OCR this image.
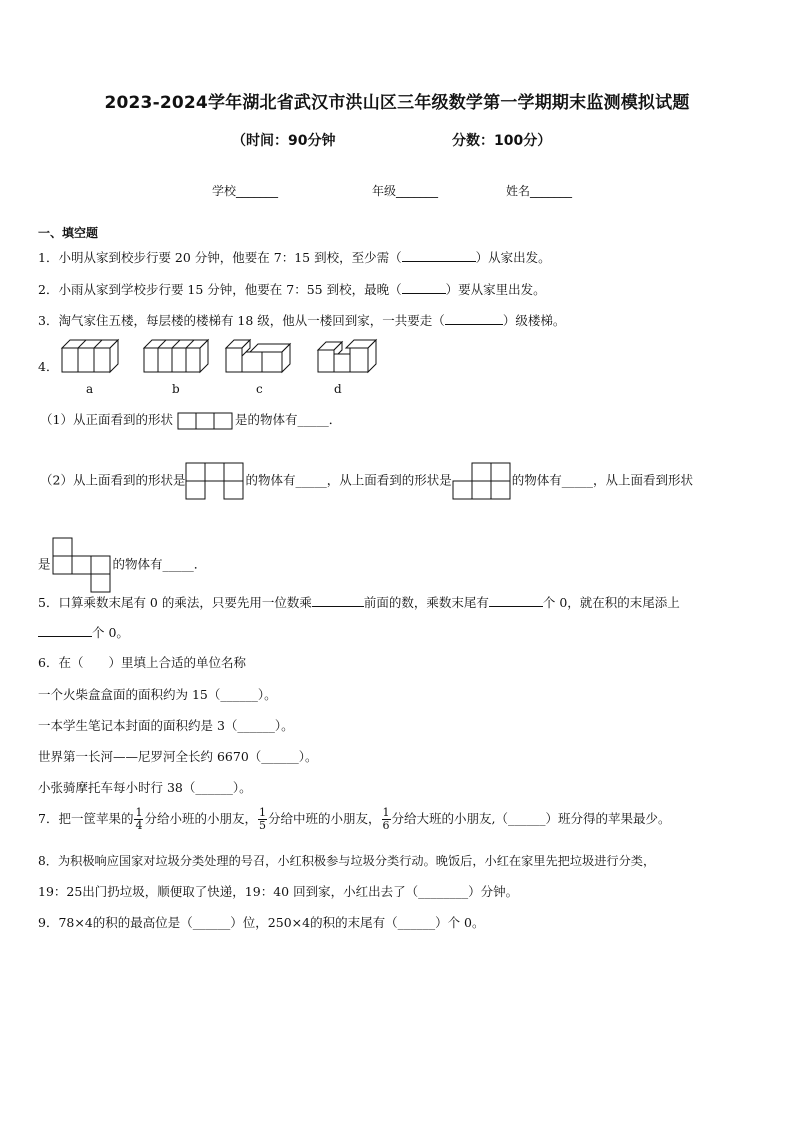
2023-2024学年湖北省武汉市洪山区三年级数学第一学期期末监测模拟试题
（时间：90分钟	分数：100分）
学校_______	年级_______	姓名_______
一、填空题
1．小明从家到校步行要 20 分钟，他要在 7：15 到校，至少需（	）从家出发。
2．小雨从家到学校步行要 15 分钟，他要在 7：55 到校，最晚（	）要从家里出发。
3．淘气家住五楼，每层楼的楼梯有 18 级，他从一楼回到家，一共要走（	）级楼梯。
4．
a	b	c	d
（1）从正面看到的形状	是的物体有_____．
（2）从上面看到的形状是	的物体有_____，从上面看到的形状是	的物体有_____，从上面看到形状
是	的物体有_____．
5．口算乘数末尾有 0 的乘法，只要先用一位数乘	前面的数，乘数末尾有	个 0，就在积的末尾添上
个 0。
6．在（　　）里填上合适的单位名称
一个火柴盒盒面的面积约为 15（______）。
一本学生笔记本封面的面积约是 3（______）。
世界第一长河——尼罗河全长约 6670（______）。
小张骑摩托车每小时行 38（______）。
7．把一筐苹果的 $\frac{1}{4}$ 分给小班的小朋友， $\frac{1}{5}$ 分给中班的小朋友， $\frac{1}{6}$ 分给大班的小朋友,（______）班分得的苹果最少。
8．为积极响应国家对垃圾分类处理的号召，小红积极参与垃圾分类行动。晚饭后，小红在家里先把垃圾进行分类，
19：25出门扔垃圾，顺便取了快递，19：40 回到家，小红出去了（________）分钟。
9．78×4的积的最高位是（______）位，250×4的积的末尾有（______）个 0。
